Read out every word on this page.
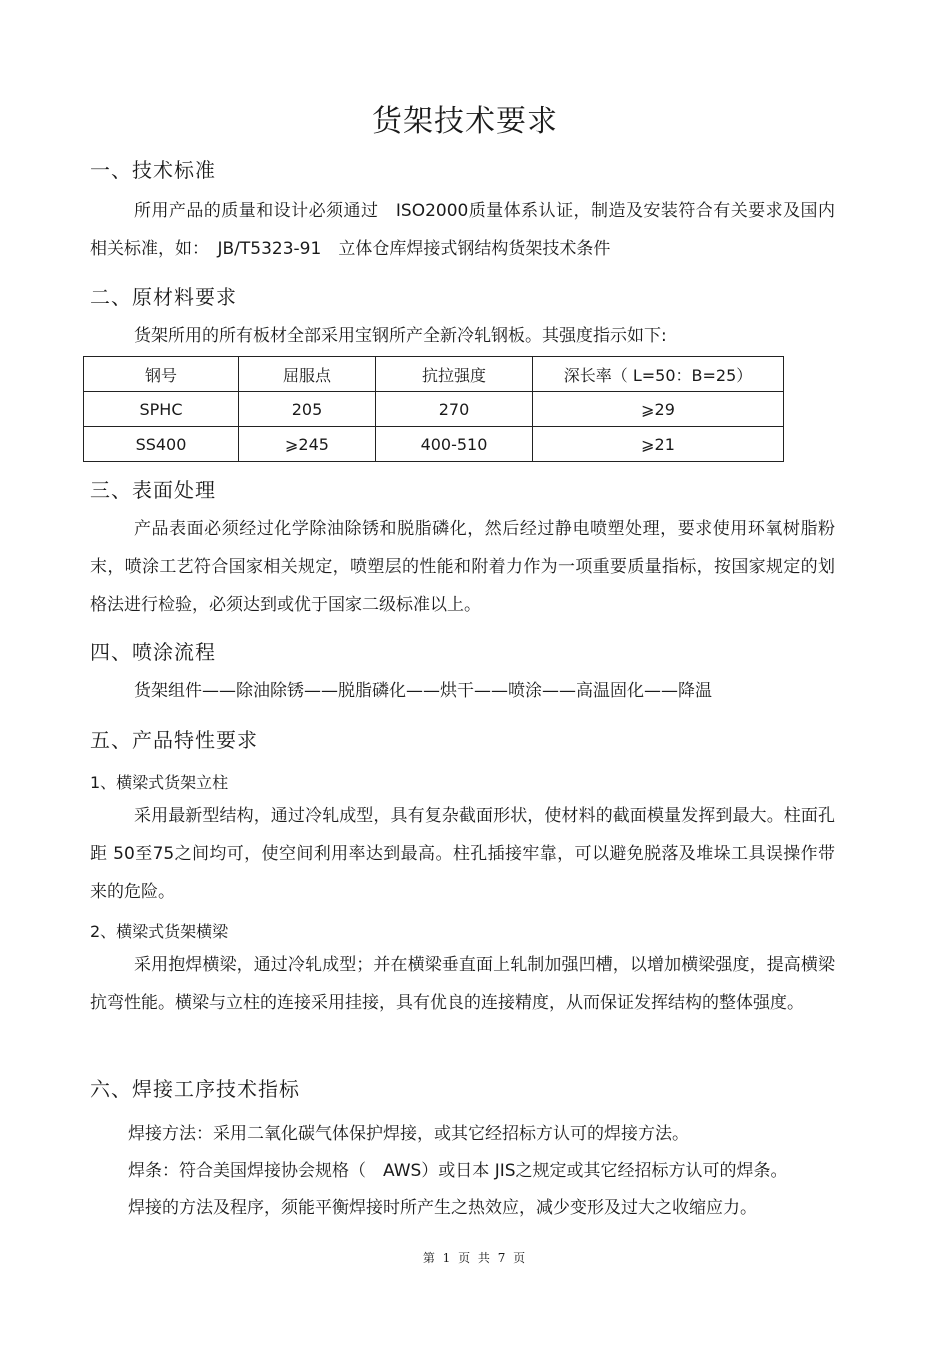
货架技术要求
一、技术标准
所用产品的质量和设计必须通过　ISO2000质量体系认证，制造及安装符合有关要求及国内相关标准，如：　JB/T5323-91　立体仓库焊接式钢结构货架技术条件
二、原材料要求
货架所用的所有板材全部采用宝钢所产全新冷轧钢板。其强度指示如下:
钢号	屈服点	抗拉强度	深长率（ L=50：B=25）
SPHC	205	270	⩾29
SS400	⩾245	400-510	⩾21
三、表面处理
产品表面必须经过化学除油除锈和脱脂磷化，然后经过静电喷塑处理，要求使用环氧树脂粉末，喷涂工艺符合国家相关规定，喷塑层的性能和附着力作为一项重要质量指标，按国家规定的划格法进行检验，必须达到或优于国家二级标准以上。
四、喷涂流程
货架组件——除油除锈——脱脂磷化——烘干——喷涂——高温固化——降温
五、产品特性要求
1、横梁式货架立柱
采用最新型结构，通过冷轧成型，具有复杂截面形状，使材料的截面模量发挥到最大。柱面孔距 50至75之间均可，使空间利用率达到最高。柱孔插接牢靠，可以避免脱落及堆垛工具误操作带来的危险。
2、横梁式货架横梁
采用抱焊横梁，通过冷轧成型；并在横梁垂直面上轧制加强凹槽，以增加横梁强度，提高横梁抗弯性能。横梁与立柱的连接采用挂接，具有优良的连接精度，从而保证发挥结构的整体强度。
六、焊接工序技术指标
焊接方法：采用二氧化碳气体保护焊接，或其它经招标方认可的焊接方法。
焊条：符合美国焊接协会规格（　AWS）或日本 JIS之规定或其它经招标方认可的焊条。
焊接的方法及程序，须能平衡焊接时所产生之热效应，减少变形及过大之收缩应力。
第 1 页 共 7 页
